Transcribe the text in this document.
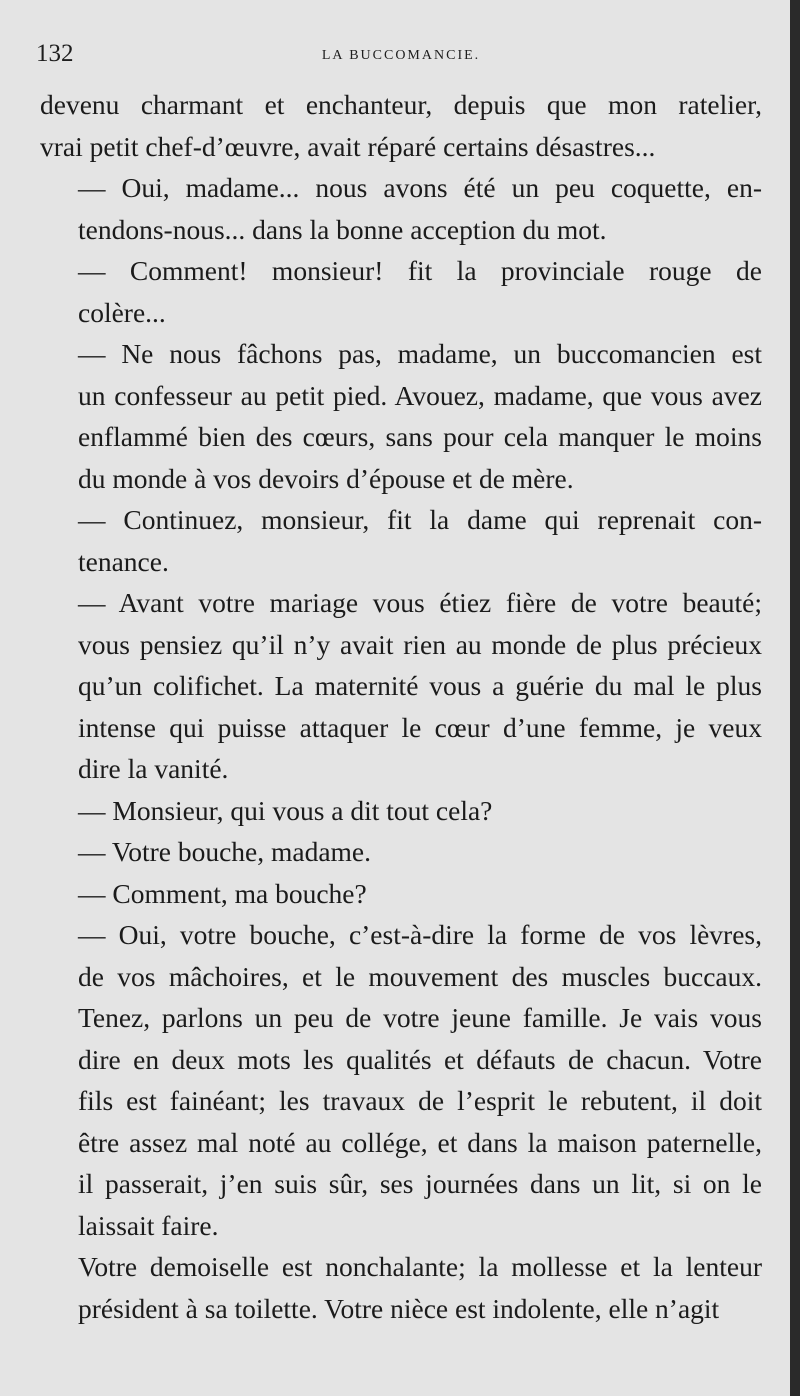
132	LA BUCCOMANCIE.

devenu charmant et enchanteur, depuis que mon ratelier,
vrai petit chef-d’œuvre, avait réparé certains désastres...

— Oui, madame... nous avons été un peu coquette, en-
tendons-nous... dans la bonne acception du mot.

— Comment! monsieur! fit la provinciale rouge de
colère...

— Ne nous fâchons pas, madame, un buccomancien est
un confesseur au petit pied. Avouez, madame, que vous avez
enflammé bien des cœurs, sans pour cela manquer le moins
du monde à vos devoirs d’épouse et de mère.

— Continuez, monsieur, fit la dame qui reprenait con-
tenance.

— Avant votre mariage vous étiez fière de votre beauté;
vous pensiez qu’il n’y avait rien au monde de plus précieux
qu’un colifichet. La maternité vous a guérie du mal le plus
intense qui puisse attaquer le cœur d’une femme, je veux
dire la vanité.

— Monsieur, qui vous a dit tout cela?

— Votre bouche, madame.

— Comment, ma bouche?

— Oui, votre bouche, c’est-à-dire la forme de vos lèvres,
de vos mâchoires, et le mouvement des muscles buccaux.
Tenez, parlons un peu de votre jeune famille. Je vais vous
dire en deux mots les qualités et défauts de chacun. Votre
fils est fainéant; les travaux de l’esprit le rebutent, il doit
être assez mal noté au collége, et dans la maison paternelle,
il passerait, j’en suis sûr, ses journées dans un lit, si on le
laissait faire.

Votre demoiselle est nonchalante; la mollesse et la lenteur
président à sa toilette. Votre nièce est indolente, elle n’agit
